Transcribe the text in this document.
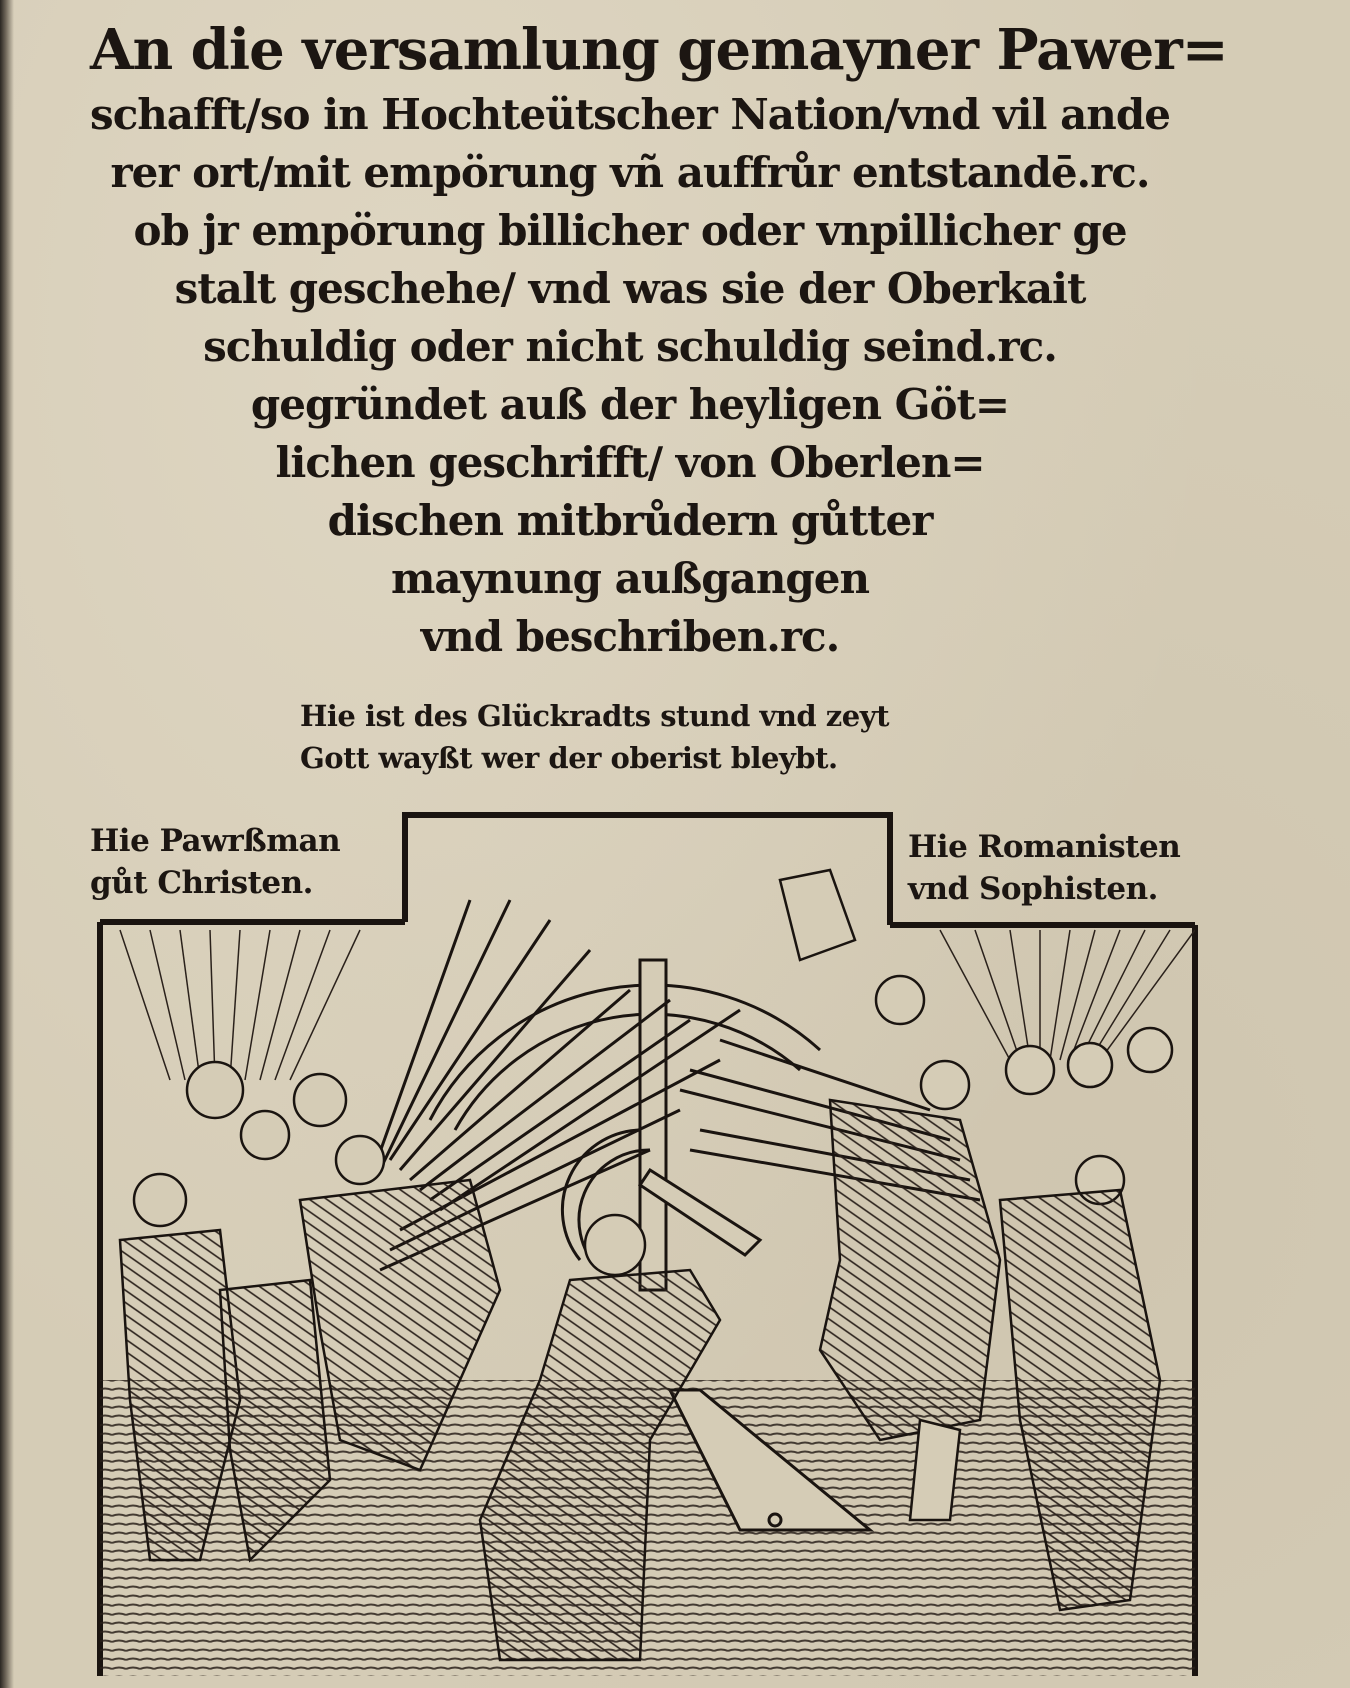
An die versamlung gemayner Pawer=
schafft/so in Hochteütscher Nation/vnd vil ande
rer ort/mit empörung vñ auffrůr entstandē.rc.
ob jr empörung billicher oder vnpillicher ge
stalt geschehe/ vnd was sie der Oberkait
schuldig oder nicht schuldig seind.rc.
gegründet auß der heyligen Göt=
lichen geschrifft/ von Oberlen=
dischen mitbrůdern gůtter
maynung außgangen
vnd beschriben.rc.
Hie ist des Glückradts stund vnd zeyt
Gott wayßt wer der oberist bleybt.
Hie Pawrßman
gůt Christen.
Hie Romanisten
vnd Sophisten.
